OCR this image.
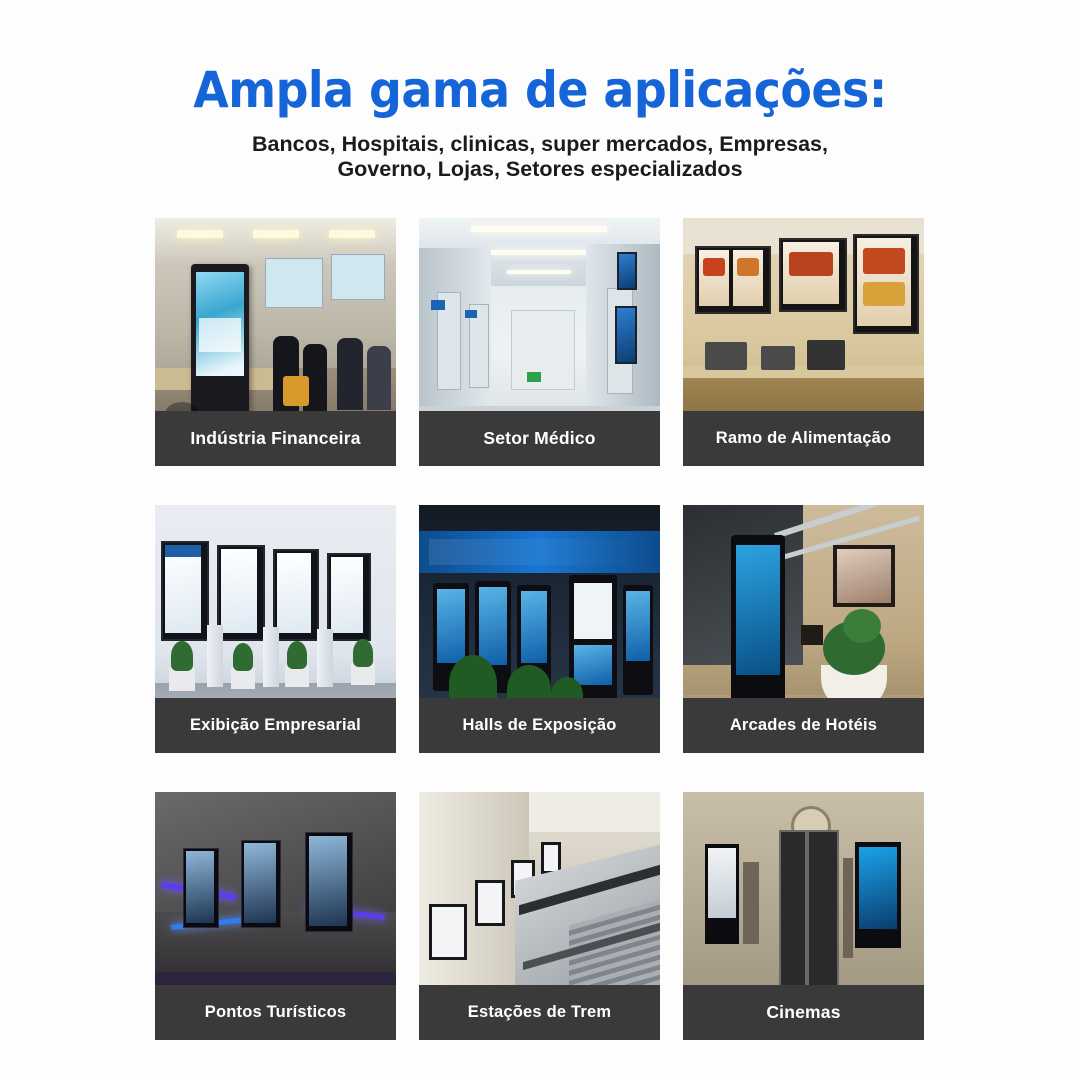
Ampla gama de aplicações:
Bancos, Hospitais, clinicas, super mercados, Empresas, Governo, Lojas, Setores especializados
Indústria Financeira	Setor Médico	Ramo de Alimentação
Exibição Empresarial	Halls de Exposição	Arcades de Hotéis
Pontos Turísticos	Estações de Trem	Cinemas
